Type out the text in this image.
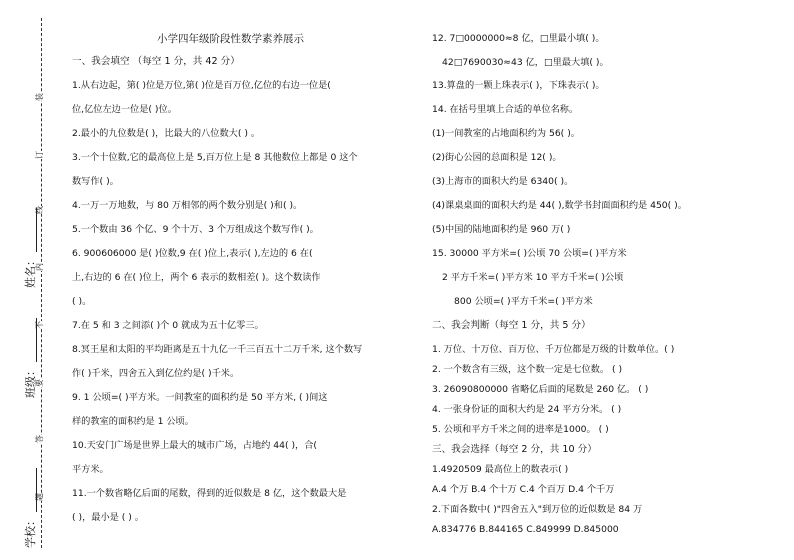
装
订
线
内
不
要
答
题
学校：
班级：
姓名：
小学四年级阶段性数学素养展示
一、我会填空 （每空 1 分，共 42 分）
1.从右边起，第( )位是万位,第( )位是百万位,亿位的右边一位是(
位,亿位左边一位是( )位。
2.最小的九位数是( )，比最大的八位数大( ) 。
3.一个十位数,它的最高位上是 5,百万位上是 8 其他数位上都是 0 这个
数写作( )。
4.一万一万地数，与 80 万相邻的两个数分别是( )和( )。
5.一个数由 36 个亿、9 个十万、3 个万组成这个数写作( )。
6. 900606000 是( )位数,9 在( )位上,表示( ),左边的 6 在(
上,右边的 6 在( )位上，两个 6 表示的数相差( )。这个数读作
( )。
7.在 5 和 3 之间添( )个 0 就成为五十亿零三。
8.冥王星和太阳的平均距离是五十九亿一千三百五十二万千米, 这个数写
作( )千米，四舍五入到亿位约是( )千米。
9. 1 公顷=( )平方米。一间教室的面积约是 50 平方米, ( )间这
样的教室的面积约是 1 公顷。
10.天安门广场是世界上最大的城市广场，占地约 44( )，合(
平方米。
11.一个数省略亿后面的尾数，得到的近似数是 8 亿，这个数最大是
( )，最小是 ( ) 。
12. 7□0000000≈8 亿，□里最小填( )。
42□7690030≈43 亿，□里最大填( )。
13.算盘的一颗上珠表示( )，下珠表示( )。
14. 在括号里填上合适的单位名称。
(1)一间教室的占地面积约为 56( )。
(2)街心公园的总面积是 12( )。
(3)上海市的面积大约是 6340( )。
(4)课桌桌面的面积大约是 44( ),数学书封面面积约是 450( )。
(5)中国的陆地面积约是 960 万( )
15. 30000 平方米=( )公顷 70 公顷=( )平方米
2 平方千米=( )平方米 10 平方千米=( )公顷
800 公顷=( )平方千米=( )平方米
二、我会判断（每空 1 分，共 5 分）
1. 万位、十万位、百万位、千万位都是万级的计数单位。( )
2. 一个数含有三级，这个数一定是七位数。 ( )
3. 26090800000 省略亿后面的尾数是 260 亿。 ( )
4. 一张身份证的面积大约是 24 平方分米。 ( )
5. 公顷和平方千米之间的进率是1000。 ( )
三、我会选择（每空 2 分，共 10 分）
1.4920509 最高位上的数表示( )
A.4 个万 B.4 个十万 C.4 个百万 D.4 个千万
2.下面各数中( )"四舍五入"到万位的近似数是 84 万
A.834776 B.844165 C.849999 D.845000
